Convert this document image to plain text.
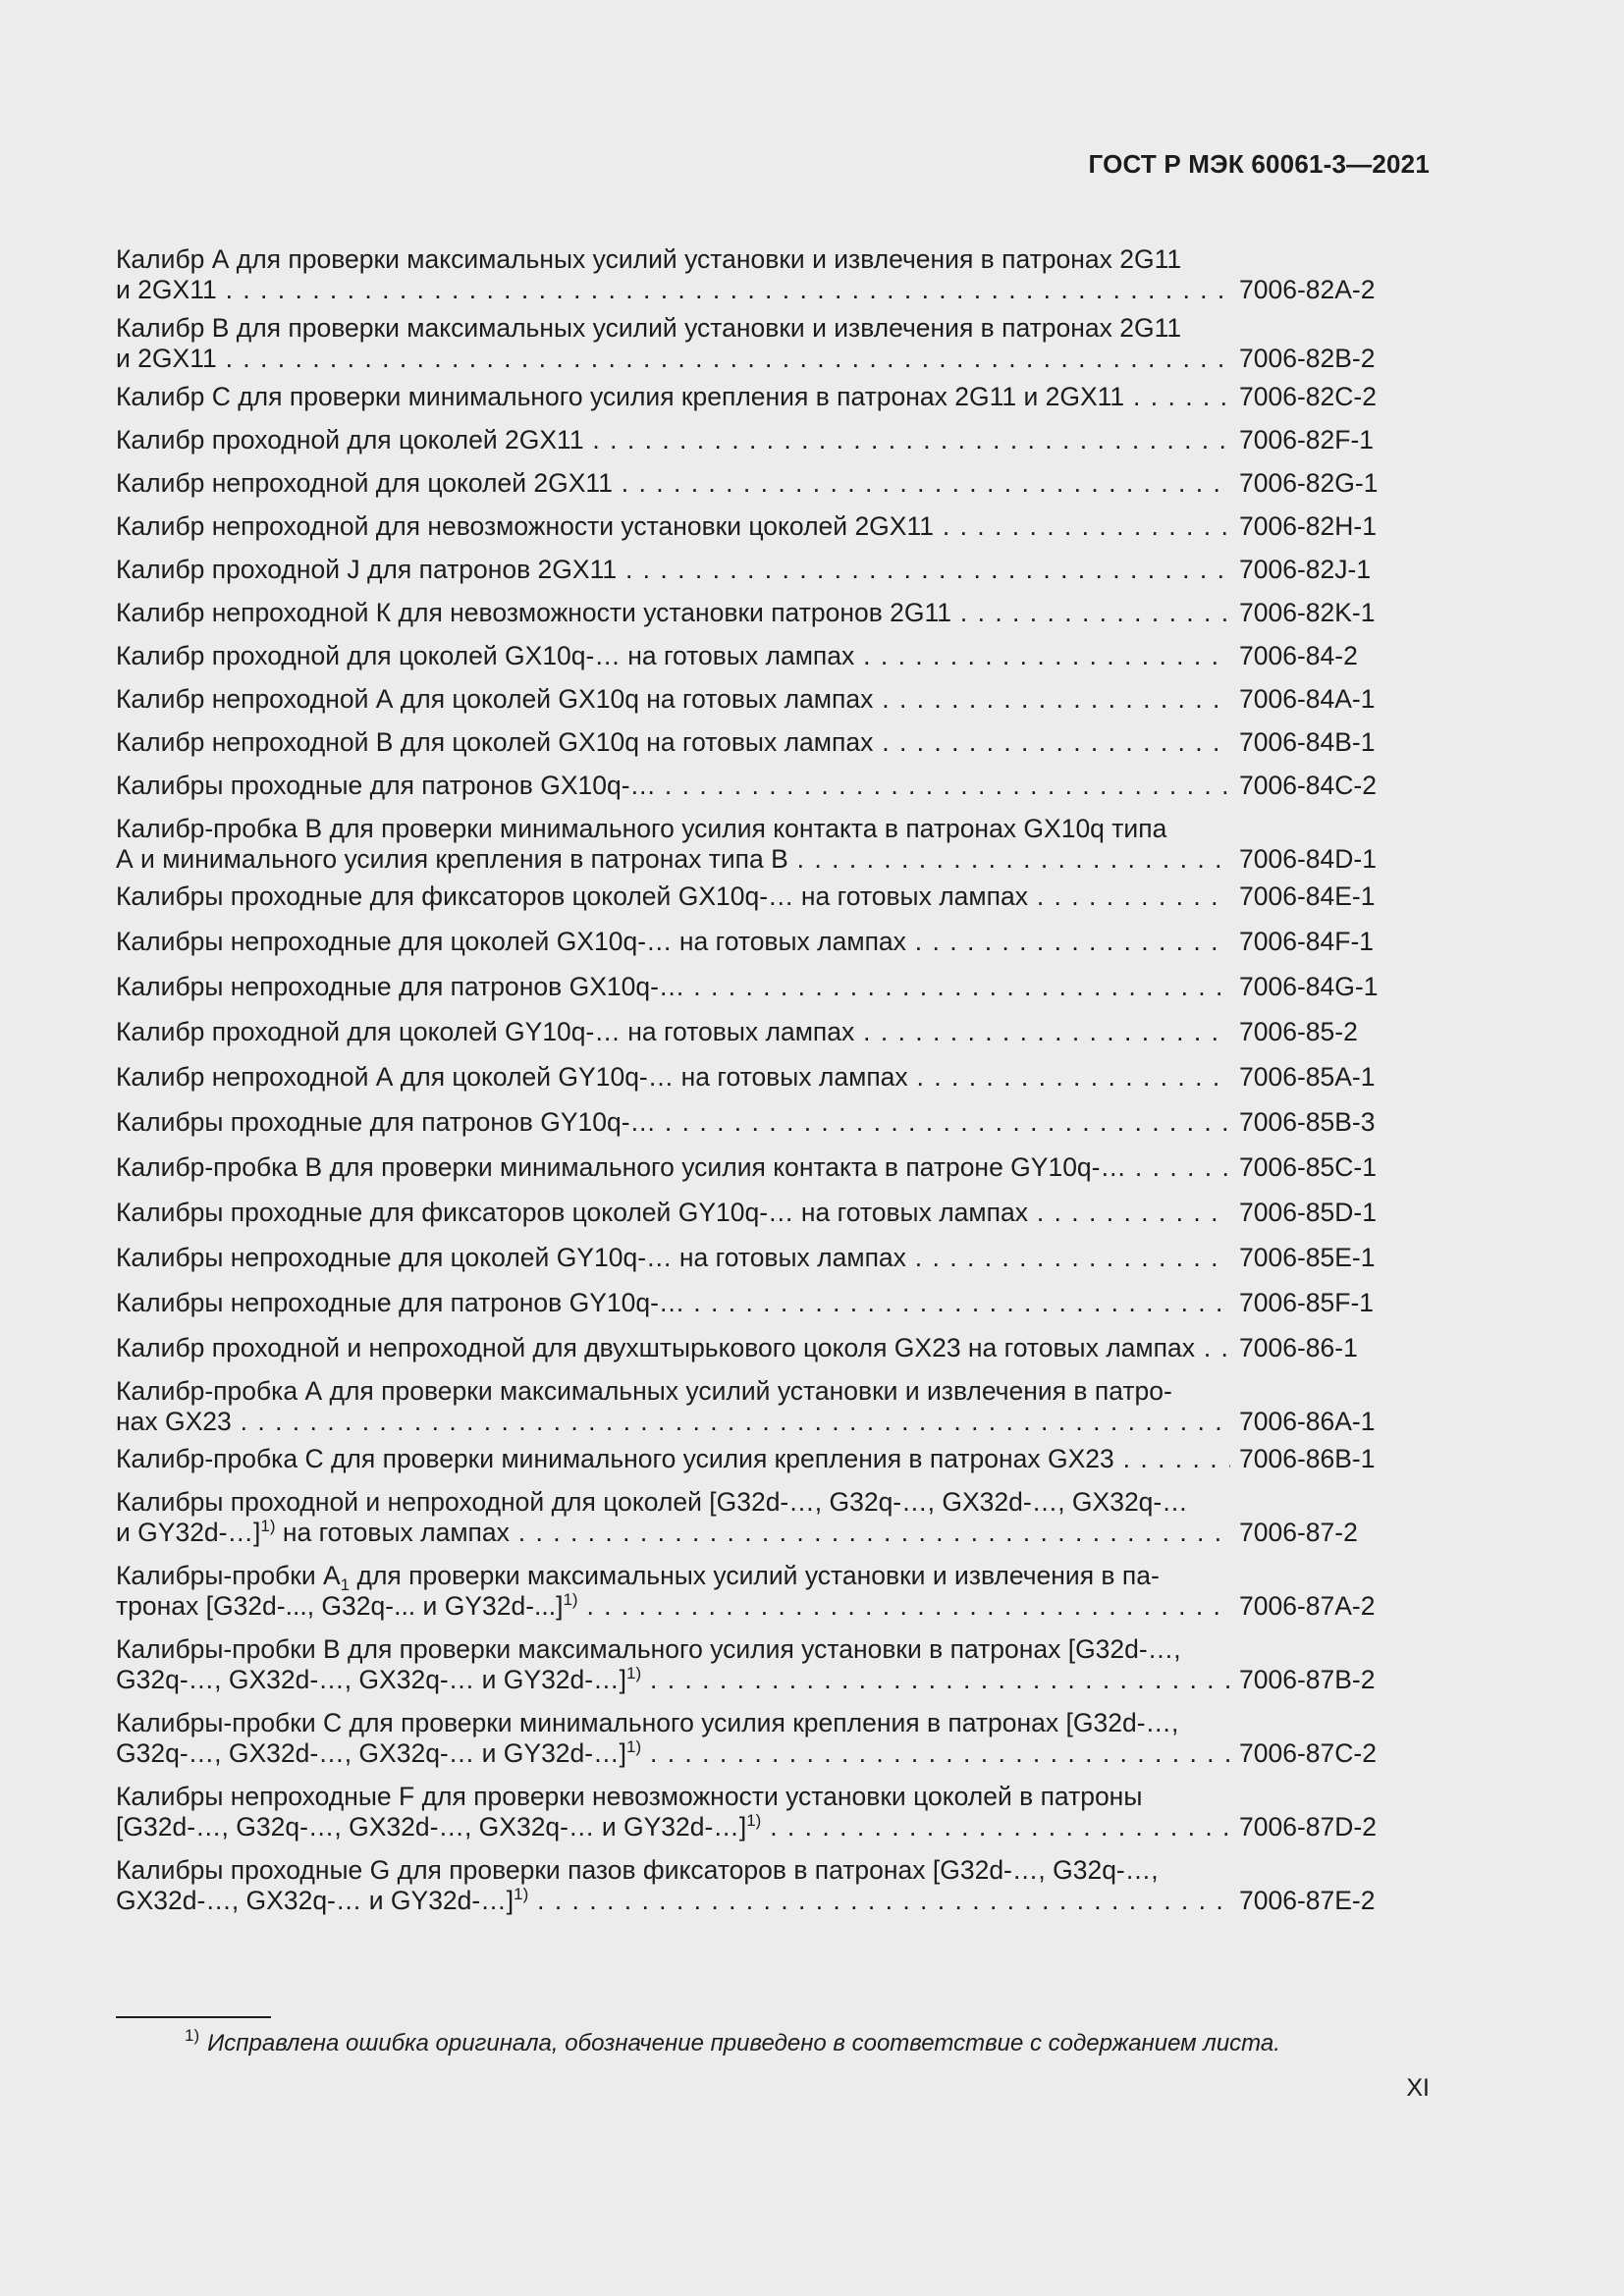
ГОСТ Р МЭК 60061-3—2021
Калибр А для проверки максимальных усилий установки и извлечения в патронах 2G11
и 2GX11 . . .	7006-82A-2
Калибр В для проверки максимальных усилий установки и извлечения в патронах 2G11
и 2GX11 . . .	7006-82B-2
Калибр С для проверки минимального усилия крепления в патронах 2G11 и 2GX11 . . .	7006-82C-2
Калибр проходной для цоколей 2GX11 . . .	7006-82F-1
Калибр непроходной для цоколей 2GX11 . . .	7006-82G-1
Калибр непроходной для невозможности установки цоколей 2GX11 . . .	7006-82H-1
Калибр проходной J для патронов 2GX11 . . .	7006-82J-1
Калибр непроходной К для невозможности установки патронов 2G11 . . .	7006-82K-1
Калибр проходной для цоколей GX10q-… на готовых лампах . . .	7006-84-2
Калибр непроходной А для цоколей GX10q на готовых лампах . . .	7006-84A-1
Калибр непроходной В для цоколей GX10q на готовых лампах . . .	7006-84B-1
Калибры проходные для патронов GX10q-… . . .	7006-84C-2
Калибр-пробка В для проверки минимального усилия контакта в патронах GX10q типа
А и минимального усилия крепления в патронах типа В . . .	7006-84D-1
Калибры проходные для фиксаторов цоколей GX10q-… на готовых лампах . . .	7006-84E-1
Калибры непроходные для цоколей GX10q-… на готовых лампах . . .	7006-84F-1
Калибры непроходные для патронов GX10q-… . . .	7006-84G-1
Калибр проходной для цоколей GY10q-… на готовых лампах . . .	7006-85-2
Калибр непроходной А для цоколей GY10q-… на готовых лампах . . .	7006-85A-1
Калибры проходные для патронов GY10q-… . . .	7006-85B-3
Калибр-пробка В для проверки минимального усилия контакта в патроне GY10q-… . . .	7006-85C-1
Калибры проходные для фиксаторов цоколей GY10q-… на готовых лампах . . .	7006-85D-1
Калибры непроходные для цоколей GY10q-… на готовых лампах . . .	7006-85E-1
Калибры непроходные для патронов GY10q-… . . .	7006-85F-1
Калибр проходной и непроходной для двухштырькового цоколя GX23 на готовых лампах . . .	7006-86-1
Калибр-пробка А для проверки максимальных усилий установки и извлечения в патро-
нах GX23 . . .	7006-86A-1
Калибр-пробка С для проверки минимального усилия крепления в патронах GX23 . . .	7006-86B-1
Калибры проходной и непроходной для цоколей [G32d-…, G32q-…, GX32d-…, GX32q-…
и GY32d-…]$^{1)}$ на готовых лампах . . .	7006-87-2
Калибры-пробки $А_1$ для проверки максимальных усилий установки и извлечения в па-
тронах [G32d-..., G32q-... и GY32d-...]$^{1)}$ . . .	7006-87A-2
Калибры-пробки В для проверки максимального усилия установки в патронах [G32d-…,
G32q-…, GX32d-…, GX32q-… и GY32d-…]$^{1)}$ . . .	7006-87B-2
Калибры-пробки С для проверки минимального усилия крепления в патронах [G32d-…,
G32q-…, GX32d-…, GX32q-… и GY32d-…]$^{1)}$ . . .	7006-87C-2
Калибры непроходные F для проверки невозможности установки цоколей в патроны
[G32d-…, G32q-…, GX32d-…, GX32q-… и GY32d-…]$^{1)}$ . . .	7006-87D-2
Калибры проходные G для проверки пазов фиксаторов в патронах [G32d-…, G32q-…,
GX32d-…, GX32q-… и GY32d-…]$^{1)}$ . . .	7006-87E-2
$^{1)}$ Исправлена ошибка оригинала, обозначение приведено в соответствие с содержанием листа.
XI
